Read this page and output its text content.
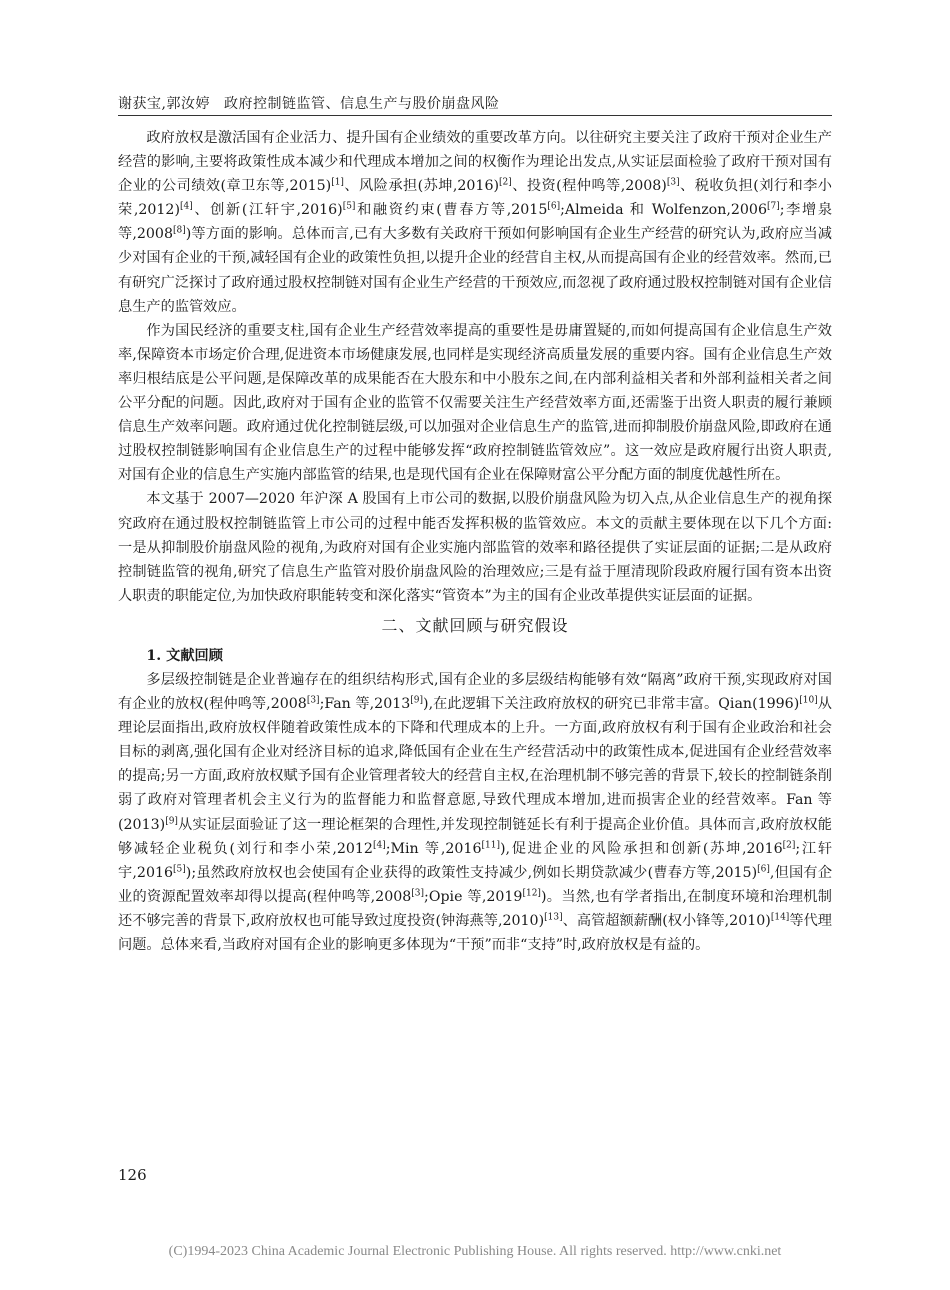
谢获宝,郭汝婷 政府控制链监管、信息生产与股价崩盘风险

政府放权是激活国有企业活力、提升国有企业绩效的重要改革方向。以往研究主要关注了政府干预对企业生产经营的影响,主要将政策性成本减少和代理成本增加之间的权衡作为理论出发点,从实证层面检验了政府干预对国有企业的公司绩效(章卫东等,2015)[1]、风险承担(苏坤,2016)[2]、投资(程仲鸣等,2008)[3]、税收负担(刘行和李小荣,2012)[4]、创新(江轩宇,2016)[5]和融资约束(曹春方等,2015[6];Almeida 和 Wolfenzon,2006[7];李增泉等,2008[8])等方面的影响。总体而言,已有大多数有关政府干预如何影响国有企业生产经营的研究认为,政府应当减少对国有企业的干预,减轻国有企业的政策性负担,以提升企业的经营自主权,从而提高国有企业的经营效率。然而,已有研究广泛探讨了政府通过股权控制链对国有企业生产经营的干预效应,而忽视了政府通过股权控制链对国有企业信息生产的监管效应。

作为国民经济的重要支柱,国有企业生产经营效率提高的重要性是毋庸置疑的,而如何提高国有企业信息生产效率,保障资本市场定价合理,促进资本市场健康发展,也同样是实现经济高质量发展的重要内容。国有企业信息生产效率归根结底是公平问题,是保障改革的成果能否在大股东和中小股东之间,在内部利益相关者和外部利益相关者之间公平分配的问题。因此,政府对于国有企业的监管不仅需要关注生产经营效率方面,还需鉴于出资人职责的履行兼顾信息生产效率问题。政府通过优化控制链层级,可以加强对企业信息生产的监管,进而抑制股价崩盘风险,即政府在通过股权控制链影响国有企业信息生产的过程中能够发挥“政府控制链监管效应”。这一效应是政府履行出资人职责,对国有企业的信息生产实施内部监管的结果,也是现代国有企业在保障财富公平分配方面的制度优越性所在。

本文基于 2007—2020 年沪深 A 股国有上市公司的数据,以股价崩盘风险为切入点,从企业信息生产的视角探究政府在通过股权控制链监管上市公司的过程中能否发挥积极的监管效应。本文的贡献主要体现在以下几个方面:一是从抑制股价崩盘风险的视角,为政府对国有企业实施内部监管的效率和路径提供了实证层面的证据;二是从政府控制链监管的视角,研究了信息生产监管对股价崩盘风险的治理效应;三是有益于厘清现阶段政府履行国有资本出资人职责的职能定位,为加快政府职能转变和深化落实“管资本”为主的国有企业改革提供实证层面的证据。

二、文献回顾与研究假设

1. 文献回顾

多层级控制链是企业普遍存在的组织结构形式,国有企业的多层级结构能够有效“隔离”政府干预,实现政府对国有企业的放权(程仲鸣等,2008[3];Fan 等,2013[9]),在此逻辑下关注政府放权的研究已非常丰富。Qian(1996)[10]从理论层面指出,政府放权伴随着政策性成本的下降和代理成本的上升。一方面,政府放权有利于国有企业政治和社会目标的剥离,强化国有企业对经济目标的追求,降低国有企业在生产经营活动中的政策性成本,促进国有企业经营效率的提高;另一方面,政府放权赋予国有企业管理者较大的经营自主权,在治理机制不够完善的背景下,较长的控制链条削弱了政府对管理者机会主义行为的监督能力和监督意愿,导致代理成本增加,进而损害企业的经营效率。Fan 等(2013)[9]从实证层面验证了这一理论框架的合理性,并发现控制链延长有利于提高企业价值。具体而言,政府放权能够减轻企业税负(刘行和李小荣,2012[4];Min 等,2016[11]),促进企业的风险承担和创新(苏坤,2016[2];江轩宇,2016[5]);虽然政府放权也会使国有企业获得的政策性支持减少,例如长期贷款减少(曹春方等,2015)[6],但国有企业的资源配置效率却得以提高(程仲鸣等,2008[3];Opie 等,2019[12])。当然,也有学者指出,在制度环境和治理机制还不够完善的背景下,政府放权也可能导致过度投资(钟海燕等,2010)[13]、高管超额薪酬(权小锋等,2010)[14]等代理问题。总体来看,当政府对国有企业的影响更多体现为“干预”而非“支持”时,政府放权是有益的。

126
(C)1994-2023 China Academic Journal Electronic Publishing House. All rights reserved. http://www.cnki.net
